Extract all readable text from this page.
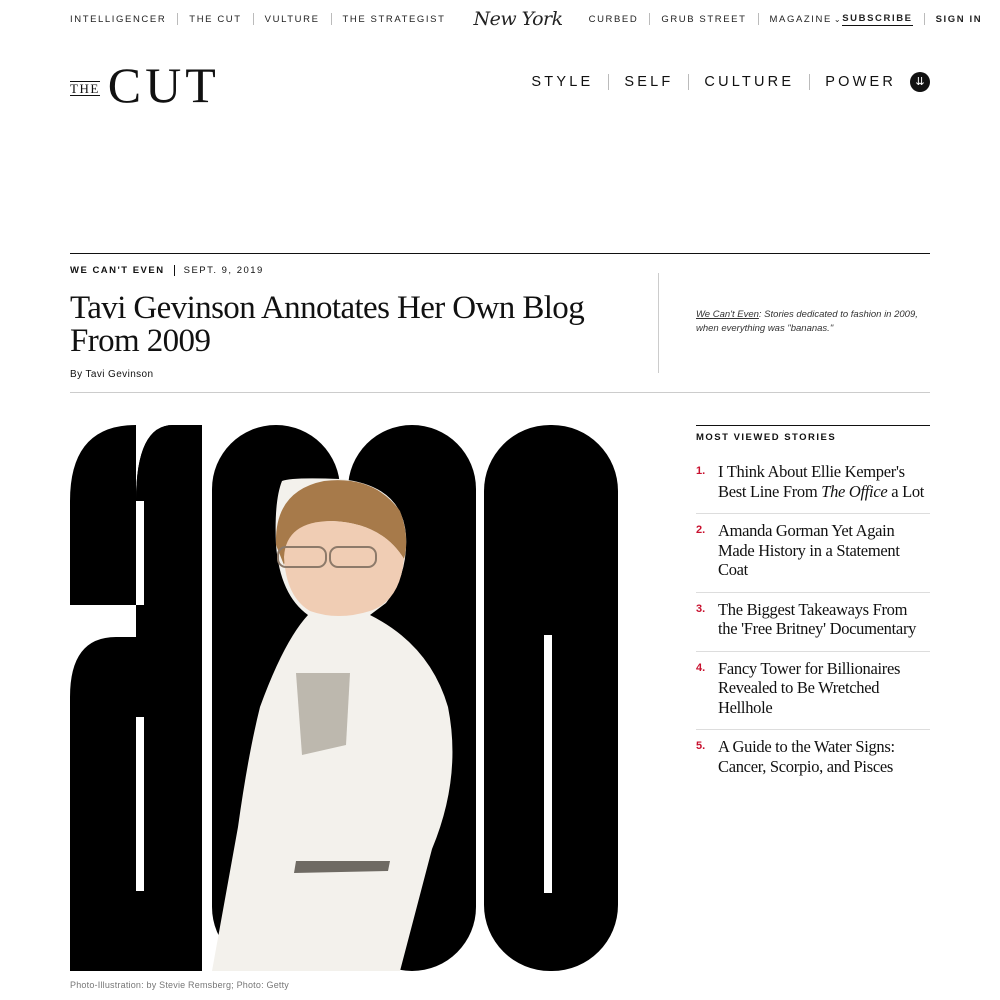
INTELLIGENCER THE CUT VULTURE THE STRATEGIST New York	CURBED GRUB STREET MAGAZINE ⌄ SUBSCRIBE SIGN IN
THE CUT	STYLE SELF CULTURE POWER ⇊
WE CAN'T EVEN SEPT. 9, 2019
Tavi Gevinson Annotates Her Own Blog From 2009
By Tavi Gevinson
We Can't Even: Stories dedicated to fashion in 2009, when everything was "bananas."
Photo-Illustration: by Stevie Remsberg; Photo: Getty
MOST VIEWED STORIES
1. I Think About Ellie Kemper's Best Line From The Office a Lot
2. Amanda Gorman Yet Again Made History in a Statement Coat
3. The Biggest Takeaways From the 'Free Britney' Documentary
4. Fancy Tower for Billionaires Revealed to Be Wretched Hellhole
5. A Guide to the Water Signs: Cancer, Scorpio, and Pisces
